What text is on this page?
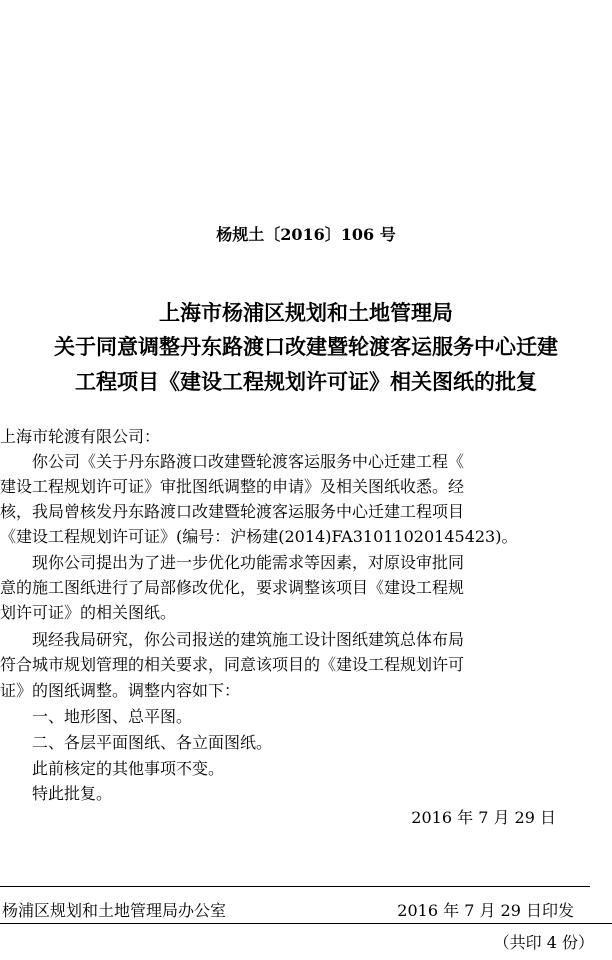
杨规土〔2016〕106 号
上海市杨浦区规划和土地管理局
关于同意调整丹东路渡口改建暨轮渡客运服务中心迁建
工程项目《建设工程规划许可证》相关图纸的批复
上海市轮渡有限公司：
　　你公司《关于丹东路渡口改建暨轮渡客运服务中心迁建工程《
建设工程规划许可证》审批图纸调整的申请》及相关图纸收悉。经
核，我局曾核发丹东路渡口改建暨轮渡客运服务中心迁建工程项目
《建设工程规划许可证》(编号：沪杨建(2014)FA31011020145423)。
　　现你公司提出为了进一步优化功能需求等因素，对原设审批同
意的施工图纸进行了局部修改优化，要求调整该项目《建设工程规
划许可证》的相关图纸。
　　现经我局研究，你公司报送的建筑施工设计图纸建筑总体布局
符合城市规划管理的相关要求，同意该项目的《建设工程规划许可
证》的图纸调整。调整内容如下：
　　一、地形图、总平图。
　　二、各层平面图纸、各立面图纸。
　　此前核定的其他事项不变。
　　特此批复。
2016 年 7 月 29 日
杨浦区规划和土地管理局办公室	2016 年 7 月 29 日印发
（共印 4 份）
